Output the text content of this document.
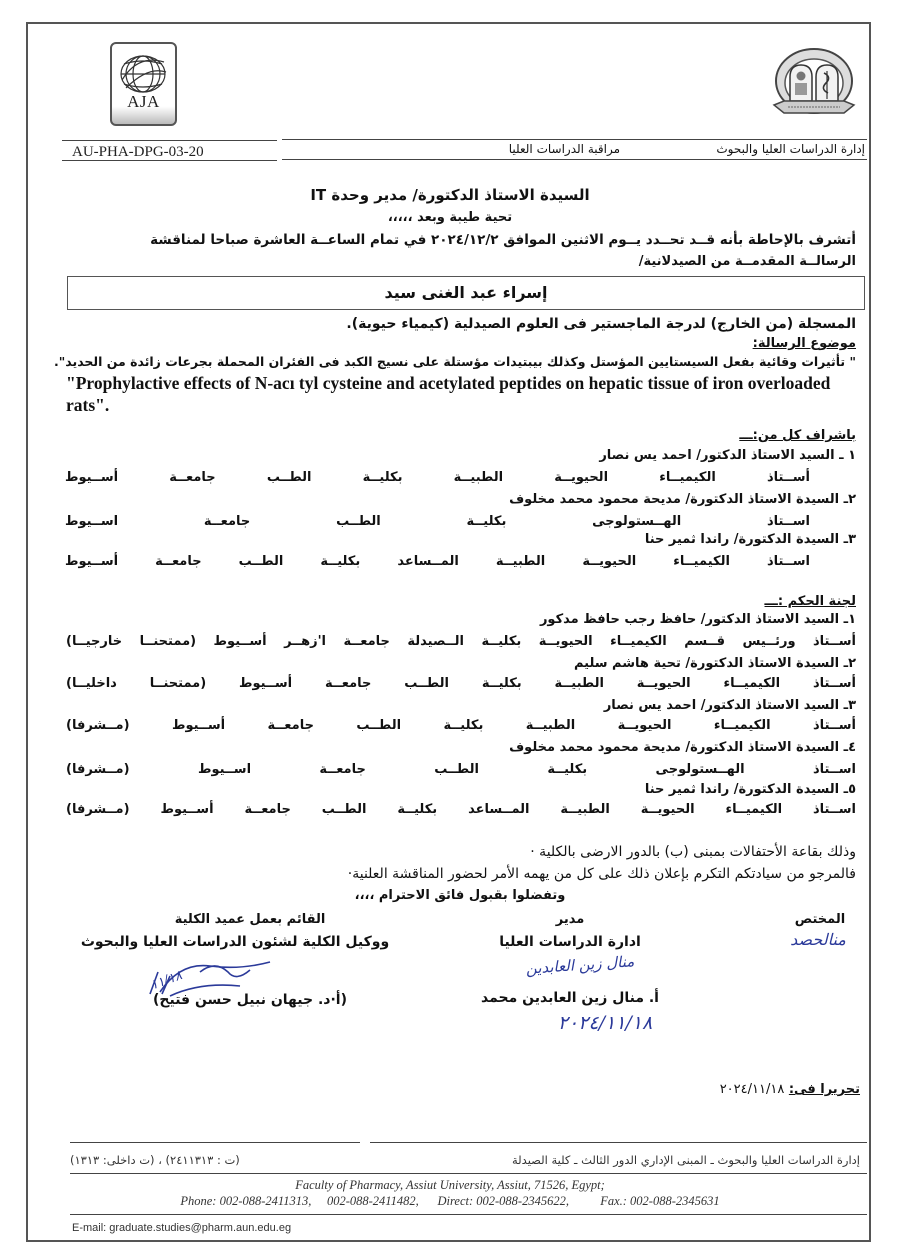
AJA
AU-PHA-DPG-03-20	مراقبة الدراسات العليا	إدارة الدراسات العليا والبحوث
السيدة الاستاذ الدكتورة/ مدير وحدة IT
تحية طيبة وبعد ،،،،،
أتشرف بالإحاطة بأنه قــد تحــدد يــوم الاثنين الموافق ٢٠٢٤/١٢/٢ في تمام الساعــة العاشرة صباحا لمناقشة
الرسالــة المقدمــة من الصيدلانية/
إسراء عبد الغنى سيد
المسجلة (من الخارج) لدرجة الماجستير فى العلوم الصيدلية (كيمياء حيوية).
موضوع الرسالة:
" تأثيرات وقائية بفعل السيستايين المؤستل وكذلك بيبتيدات مؤستلة على نسيج الكبد فى الفئران المحملة بجرعات زائدة من الحديد".
"Prophylactive effects of N-acı tyl cysteine and acetylated peptides on hepatic tissue of iron overloaded rats".
باشراف كل من:ـــ
١ ـ السيد الاستاذ الدكتور/ احمد يس نصار
أســتاذ الكيميــاء الحيويــة الطبيــة بكليــة الطــب جامعــة أســيوط
٢ـ السيدة الاستاذ الدكتورة/ مديحة محمود محمد مخلوف
اســتاذ الهــستولوجى بكليــة الطــب جامعــة اســيوط
٣ـ السيدة الدكتورة/ راندا ثمير حنا
اســتاذ الكيميــاء الحيويــة الطبيــة المــساعد بكليــة الطــب جامعــة أســيوط
لجنة الحكم :ـــ
١ـ السيد الاستاذ الدكتور/ حافظ رجب حافظ مدكور
أســتاذ ورئــيس قــسم الكيميــاء الحيويــة بكليــة الــصيدلة جامعــة ا'زهــر أســيوط (ممتحنــا خارجيــا)
٢ـ السيدة الاستاذ الدكتورة/ تحية هاشم سليم
أســتاذ الكيميــاء الحيويــة الطبيــة بكليــة الطــب جامعــة أســيوط (ممتحنــا داخليــا)
٣ـ السيد الاستاذ الدكتور/ احمد يس نصار
أســتاذ الكيميــاء الحيويــة الطبيــة بكليــة الطــب جامعــة أســيوط (مــشرفا)
٤ـ السيدة الاستاذ الدكتورة/ مديحة محمود محمد مخلوف
اســتاذ الهــستولوجى بكليــة الطــب جامعــة اســيوط (مــشرفا)
٥ـ السيدة الدكتورة/ راندا ثمير حنا
اســتاذ الكيميــاء الحيويــة الطبيــة المــساعد بكليــة الطــب جامعــة أســيوط (مــشرفا)
وذلك بقاعة الأحتفالات بمبنى (ب) بالدور الارضى بالكلية ·
فالمرجو من سيادتكم التكرم بإعلان ذلك على كل من يهمه الأمر لحضور المناقشة العلنية·
وتفضلوا بقبول فائق الاحترام ،،،،
المختص
منالحصد
مدير
ادارة الدراسات العليا
منال زين العابدين
أ. منال زين العابدين محمد
٢٠٢٤/١١/١٨
القائم بعمل عميد الكلية
ووكيل الكلية لشئون الدراسات العليا والبحوث
١١/١٨
(أ·د. جيهان نبيل حسن فتيح)
تحريرا فى: ٢٠٢٤/١١/١٨
إدارة الدراسات العليا والبحوث ـ المبنى الإداري الدور الثالث ـ كلية الصيدلة
(ت : ٢٤١١٣١٣) ، (ت داخلى: ١٣١٣)
Faculty of Pharmacy, Assiut University, Assiut, 71526, Egypt;
Phone: 002-088-2411313,     002-088-2411482,      Direct: 002-088-2345622,          Fax.: 002-088-2345631
E-mail: graduate.studies@pharm.aun.edu.eg
